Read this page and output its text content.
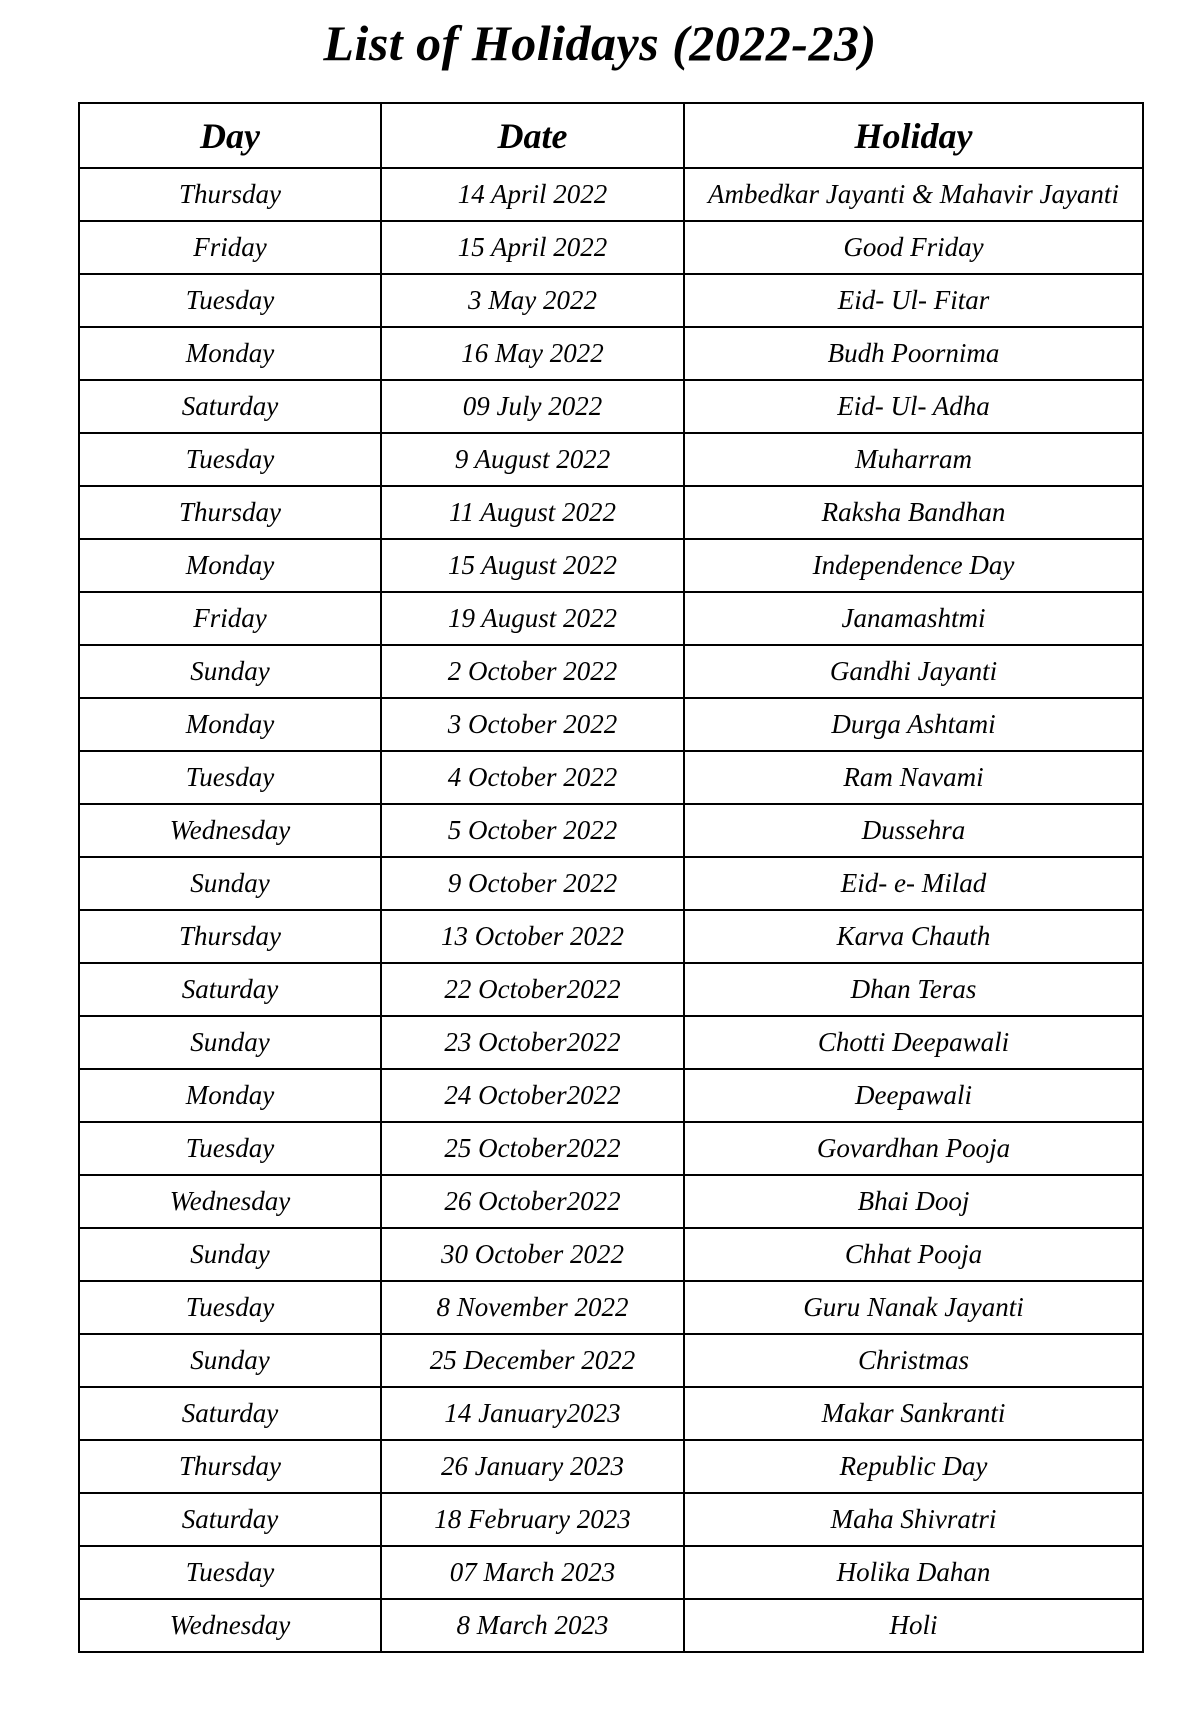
List of Holidays (2022-23)
Day	Date	Holiday
Thursday	14 April 2022	Ambedkar Jayanti & Mahavir Jayanti
Friday	15 April 2022	Good Friday
Tuesday	3 May 2022	Eid- Ul- Fitar
Monday	16 May 2022	Budh Poornima
Saturday	09 July 2022	Eid- Ul- Adha
Tuesday	9 August 2022	Muharram
Thursday	11 August 2022	Raksha Bandhan
Monday	15 August 2022	Independence Day
Friday	19 August 2022	Janamashtmi
Sunday	2 October 2022	Gandhi Jayanti
Monday	3 October 2022	Durga Ashtami
Tuesday	4 October 2022	Ram Navami
Wednesday	5 October 2022	Dussehra
Sunday	9 October 2022	Eid- e- Milad
Thursday	13 October 2022	Karva Chauth
Saturday	22 October2022	Dhan Teras
Sunday	23 October2022	Chotti Deepawali
Monday	24 October2022	Deepawali
Tuesday	25 October2022	Govardhan Pooja
Wednesday	26 October2022	Bhai Dooj
Sunday	30 October 2022	Chhat Pooja
Tuesday	8 November 2022	Guru Nanak Jayanti
Sunday	25 December 2022	Christmas
Saturday	14 January2023	Makar Sankranti
Thursday	26 January 2023	Republic Day
Saturday	18 February 2023	Maha Shivratri
Tuesday	07 March 2023	Holika Dahan
Wednesday	8 March 2023	Holi
